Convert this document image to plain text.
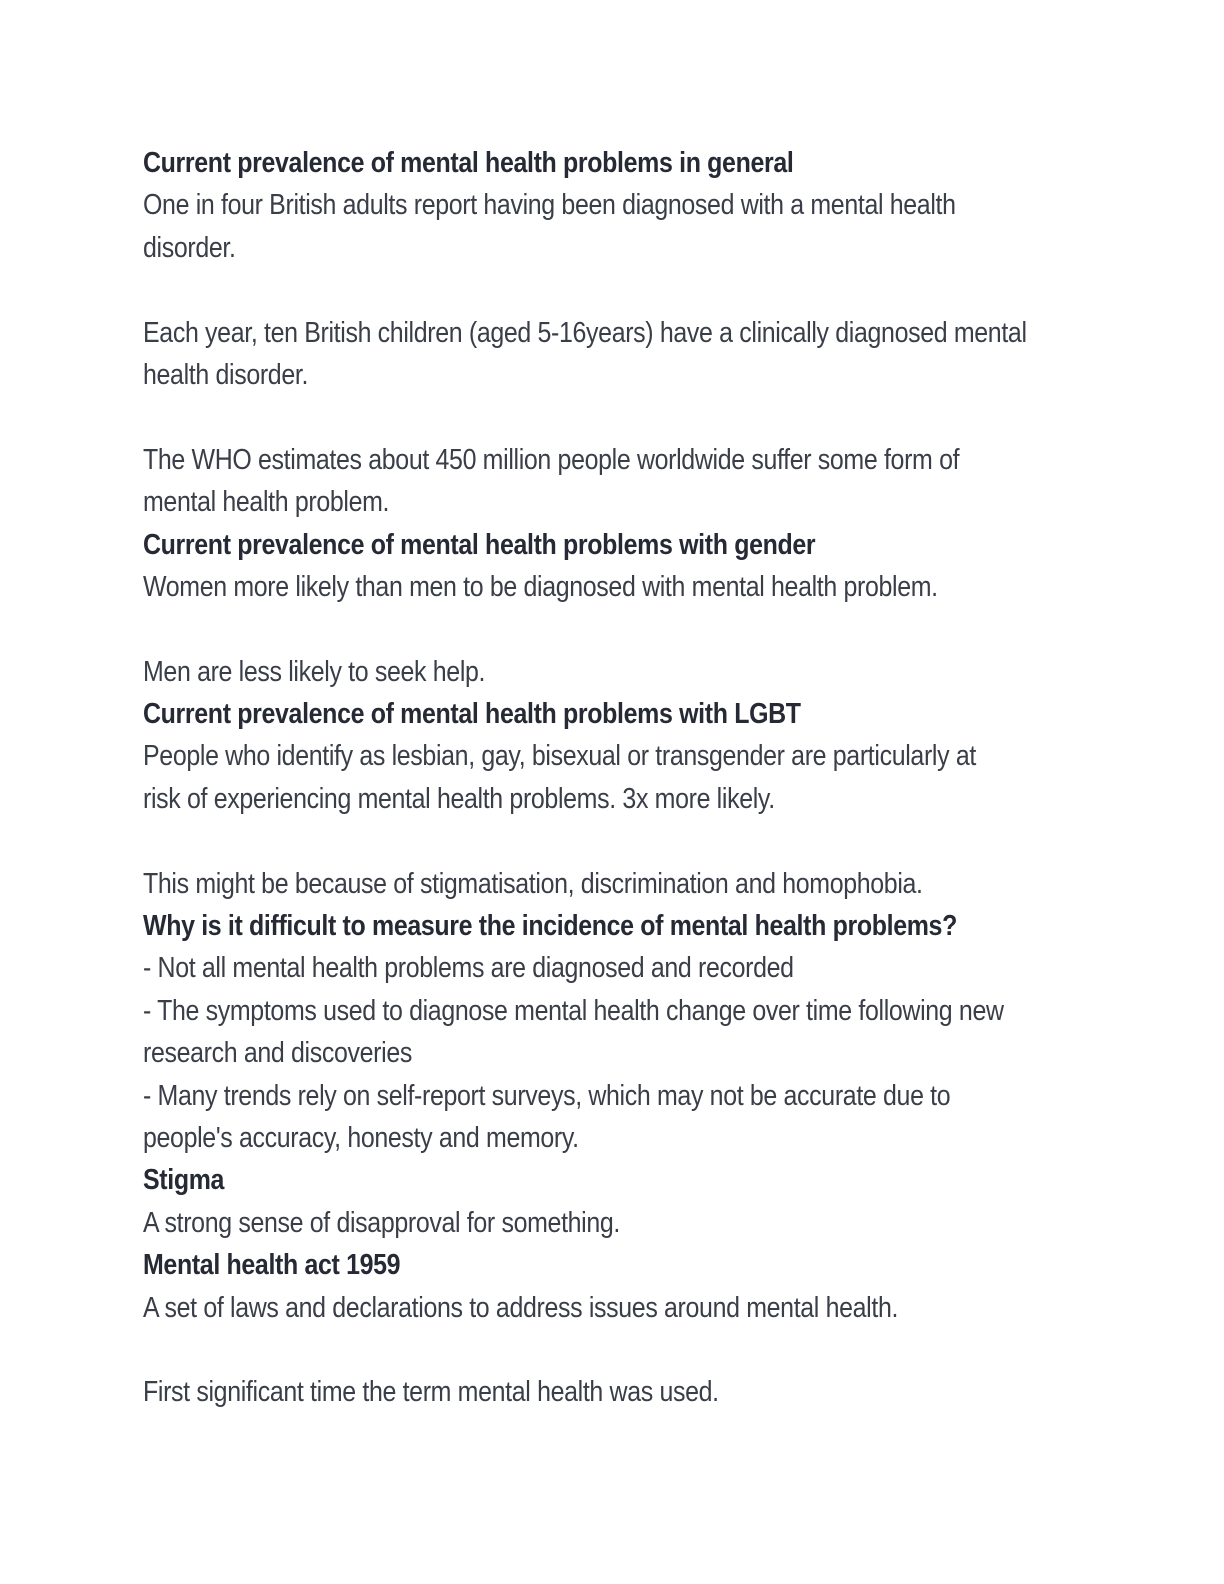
Current prevalence of mental health problems in general
One in four British adults report having been diagnosed with a mental health
disorder.
Each year, ten British children (aged 5-16years) have a clinically diagnosed mental
health disorder.
The WHO estimates about 450 million people worldwide suffer some form of
mental health problem.
Current prevalence of mental health problems with gender
Women more likely than men to be diagnosed with mental health problem.
Men are less likely to seek help.
Current prevalence of mental health problems with LGBT
People who identify as lesbian, gay, bisexual or transgender are particularly at
risk of experiencing mental health problems. 3x more likely.
This might be because of stigmatisation, discrimination and homophobia.
Why is it difficult to measure the incidence of mental health problems?
- Not all mental health problems are diagnosed and recorded
- The symptoms used to diagnose mental health change over time following new
research and discoveries
- Many trends rely on self-report surveys, which may not be accurate due to
people's accuracy, honesty and memory.
Stigma
A strong sense of disapproval for something.
Mental health act 1959
A set of laws and declarations to address issues around mental health.
First significant time the term mental health was used.
